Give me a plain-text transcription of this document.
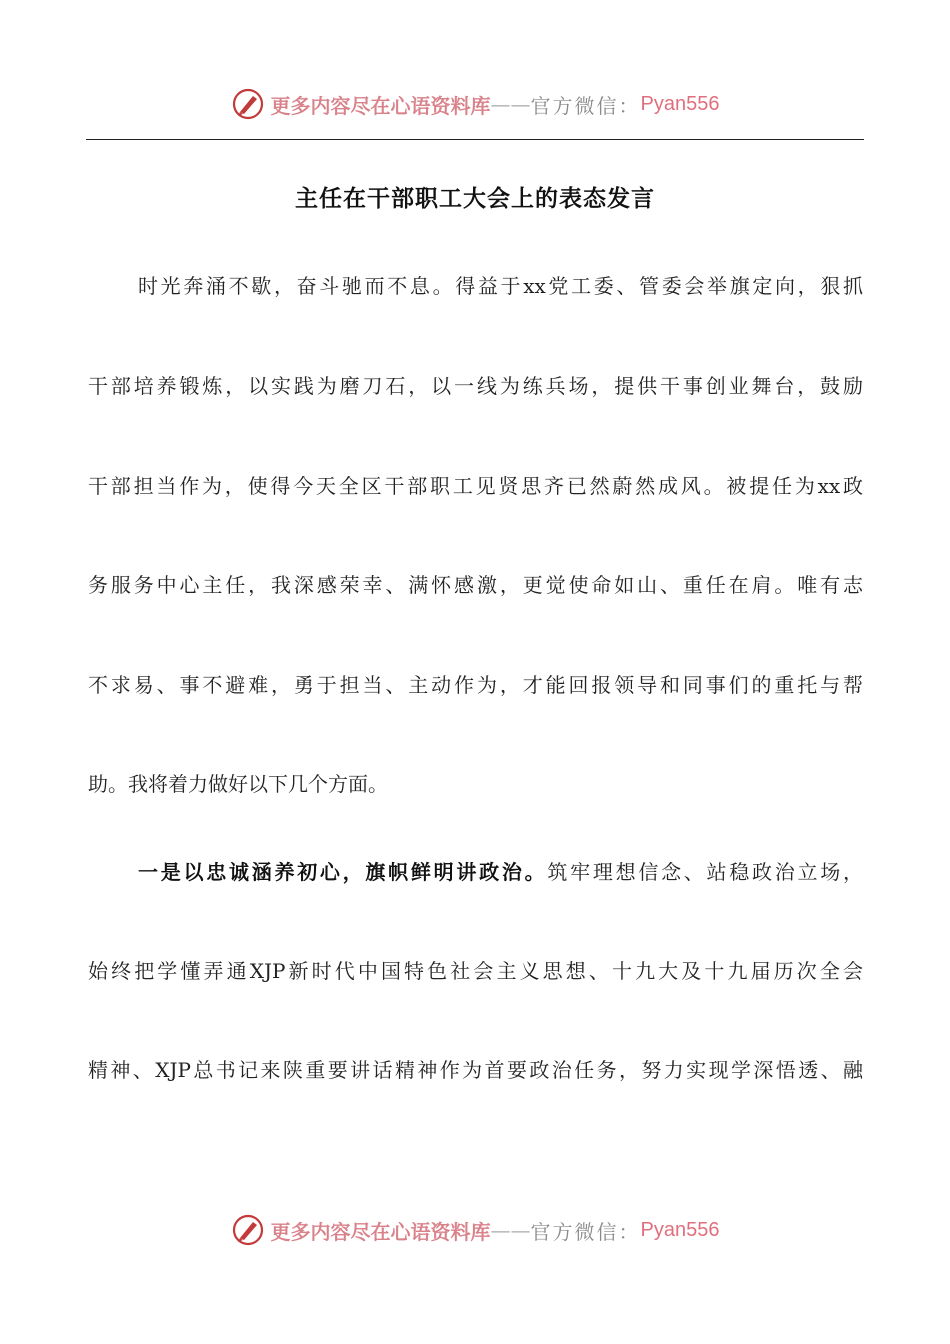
更多内容尽在心语资料库 —— 官方微信： Pyan556
主任在干部职工大会上的表态发言
时光奔涌不歇，奋斗驰而不息。得益于xx党工委、管委会举旗定向，狠抓
干部培养锻炼，以实践为磨刀石，以一线为练兵场，提供干事创业舞台，鼓励
干部担当作为，使得今天全区干部职工见贤思齐已然蔚然成风。被提任为xx政
务服务中心主任，我深感荣幸、满怀感激，更觉使命如山、重任在肩。唯有志
不求易、事不避难，勇于担当、主动作为，才能回报领导和同事们的重托与帮
助。我将着力做好以下几个方面。
一是以忠诚涵养初心，旗帜鲜明讲政治。筑牢理想信念、站稳政治立场，
始终把学懂弄通XJP新时代中国特色社会主义思想、十九大及十九届历次全会
精神、XJP总书记来陕重要讲话精神作为首要政治任务，努力实现学深悟透、融
更多内容尽在心语资料库 —— 官方微信： Pyan556
